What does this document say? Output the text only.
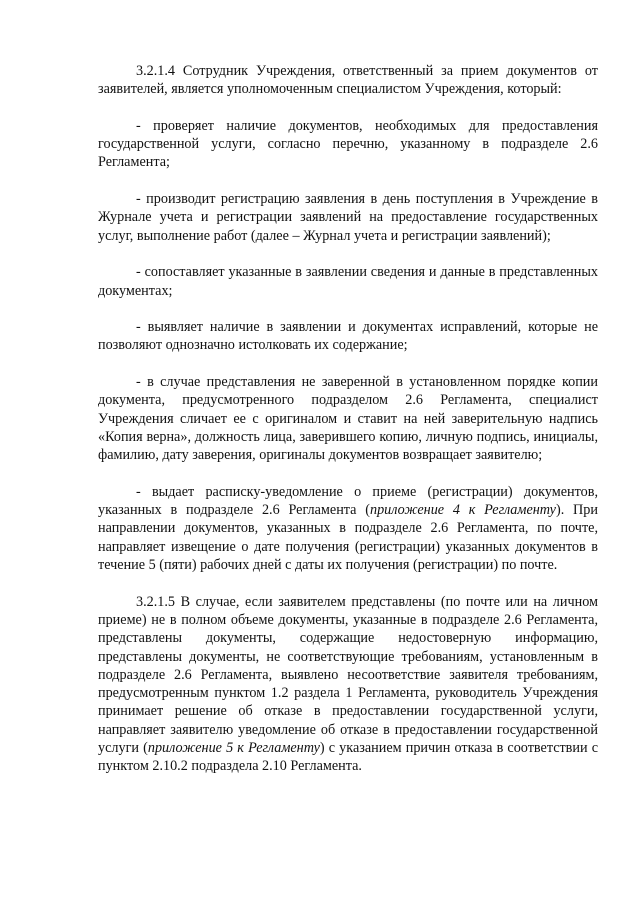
3.2.1.4 Сотрудник Учреждения, ответственный за прием документов от заявителей, является уполномоченным специалистом Учреждения, который:

- проверяет наличие документов, необходимых для предоставления государственной услуги, согласно перечню, указанному в подразделе 2.6 Регламента;

- производит регистрацию заявления в день поступления в Учреждение в Журнале учета и регистрации заявлений на предоставление государственных услуг, выполнение работ (далее – Журнал учета и регистрации заявлений);

- сопоставляет указанные в заявлении сведения и данные в представленных документах;

- выявляет наличие в заявлении и документах исправлений, которые не позволяют однозначно истолковать их содержание;

- в случае представления не заверенной в установленном порядке копии документа, предусмотренного подразделом 2.6 Регламента, специалист Учреждения сличает ее с оригиналом и ставит на ней заверительную надпись «Копия верна», должность лица, заверившего копию, личную подпись, инициалы, фамилию, дату заверения, оригиналы документов возвращает заявителю;

- выдает расписку-уведомление о приеме (регистрации) документов, указанных в подразделе 2.6 Регламента (приложение 4 к Регламенту). При направлении документов, указанных в подразделе 2.6 Регламента, по почте, направляет извещение о дате получения (регистрации) указанных документов в течение 5 (пяти) рабочих дней с даты их получения (регистрации) по почте.

3.2.1.5 В случае, если заявителем представлены (по почте или на личном приеме) не в полном объеме документы, указанные в подразделе 2.6 Регламента, представлены документы, содержащие недостоверную информацию, представлены документы, не соответствующие требованиям, установленным в подразделе 2.6 Регламента, выявлено несоответствие заявителя требованиям, предусмотренным пунктом 1.2 раздела 1 Регламента, руководитель Учреждения принимает решение об отказе в предоставлении государственной услуги, направляет заявителю уведомление об отказе в предоставлении государственной услуги (приложение 5 к Регламенту) с указанием причин отказа в соответствии с пунктом 2.10.2 подраздела 2.10 Регламента.
